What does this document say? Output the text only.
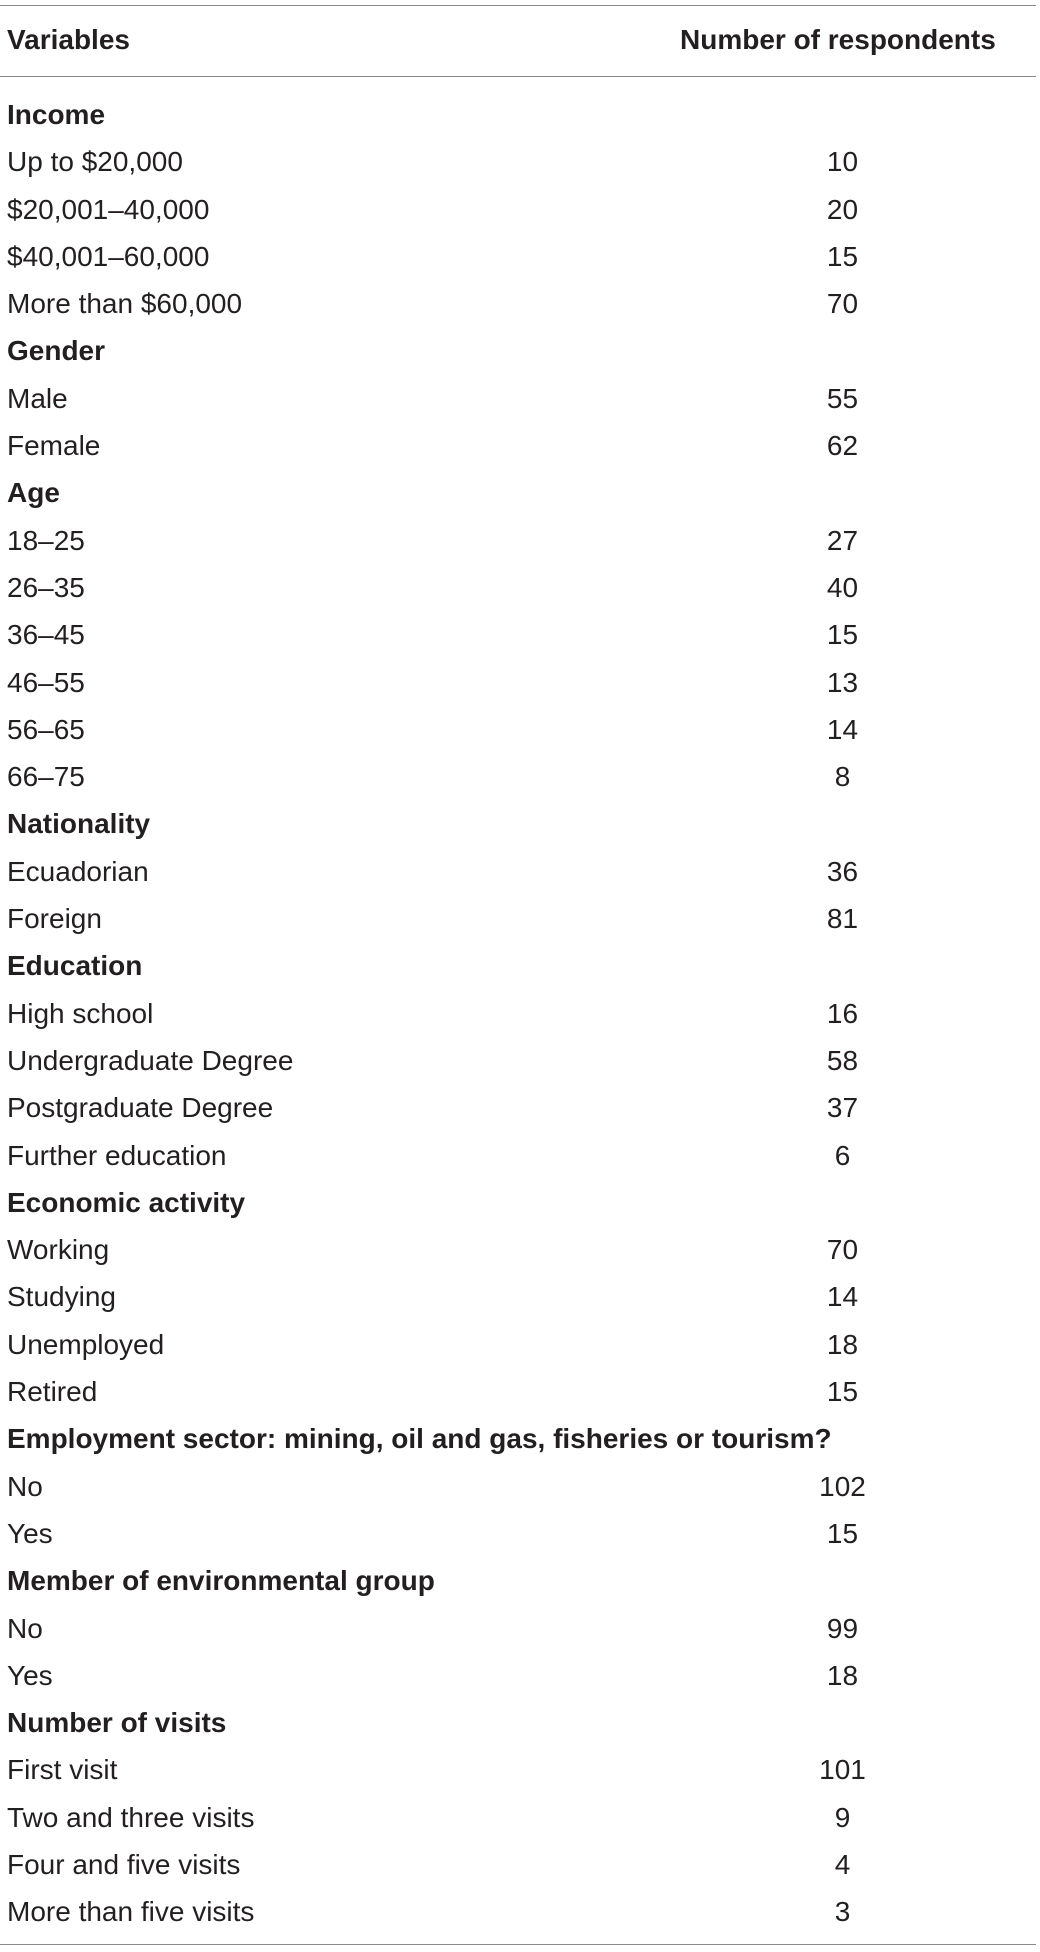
Variables	Number of respondents
Income
Up to $20,000	10
$20,001–40,000	20
$40,001–60,000	15
More than $60,000	70
Gender
Male	55
Female	62
Age
18–25	27
26–35	40
36–45	15
46–55	13
56–65	14
66–75	8
Nationality
Ecuadorian	36
Foreign	81
Education
High school	16
Undergraduate Degree	58
Postgraduate Degree	37
Further education	6
Economic activity
Working	70
Studying	14
Unemployed	18
Retired	15
Employment sector: mining, oil and gas, fisheries or tourism?
No	102
Yes	15
Member of environmental group
No	99
Yes	18
Number of visits
First visit	101
Two and three visits	9
Four and five visits	4
More than five visits	3
